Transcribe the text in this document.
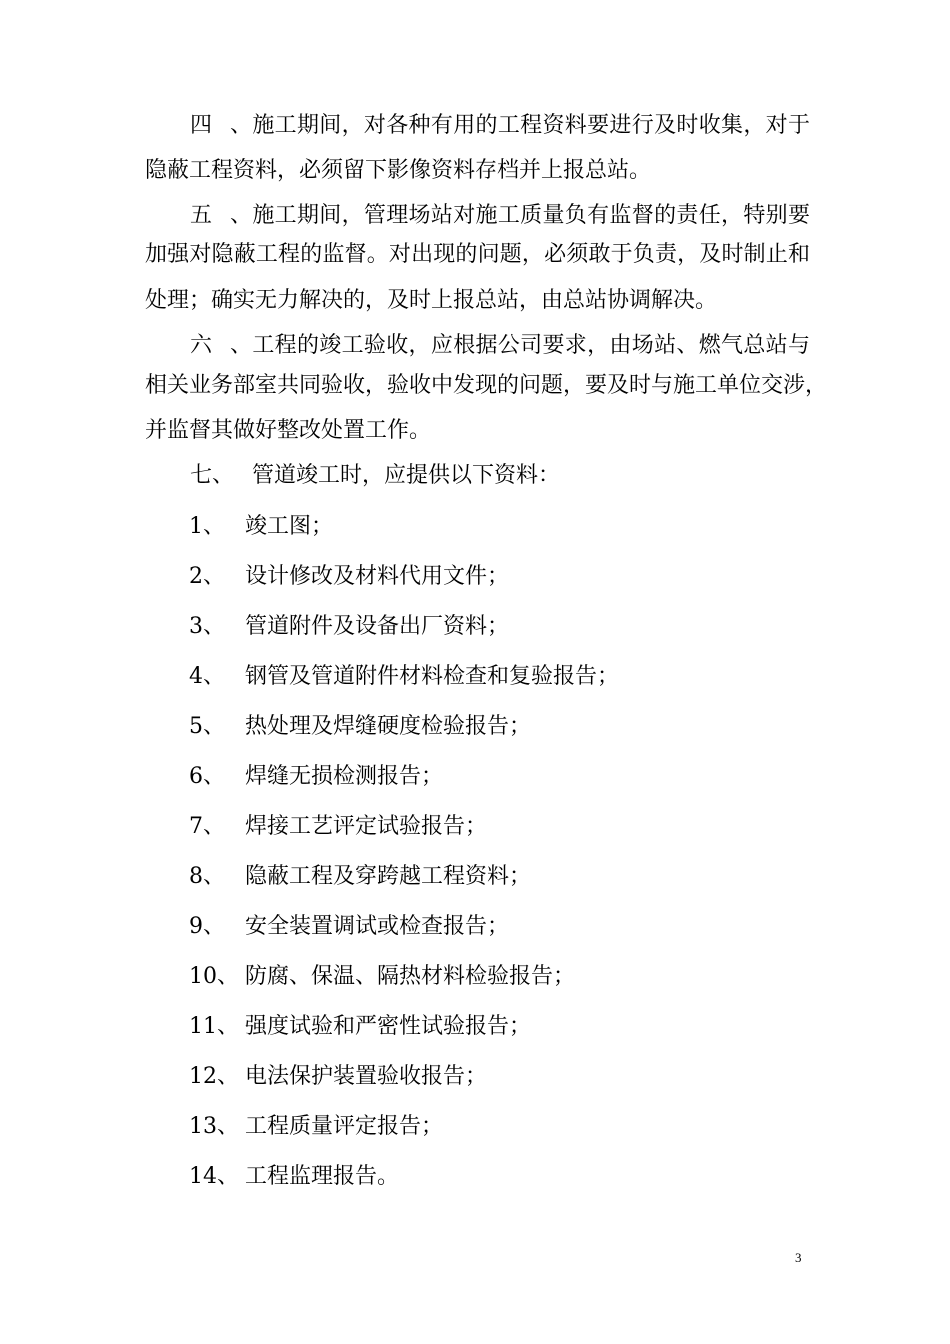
四、施工期间，对各种有用的工程资料要进行及时收集，对于
隐蔽工程资料，必须留下影像资料存档并上报总站。
五、施工期间，管理场站对施工质量负有监督的责任，特别要
加强对隐蔽工程的监督。对出现的问题，必须敢于负责，及时制止和
处理；确实无力解决的，及时上报总站，由总站协调解决。
六、工程的竣工验收，应根据公司要求，由场站、燃气总站与
相关业务部室共同验收，验收中发现的问题，要及时与施工单位交涉，
并监督其做好整改处置工作。
七、 管道竣工时，应提供以下资料：
1、 竣工图；
2、 设计修改及材料代用文件；
3、 管道附件及设备出厂资料；
4、 钢管及管道附件材料检查和复验报告；
5、 热处理及焊缝硬度检验报告；
6、 焊缝无损检测报告；
7、 焊接工艺评定试验报告；
8、 隐蔽工程及穿跨越工程资料；
9、 安全装置调试或检查报告；
10、 防腐、保温、隔热材料检验报告；
11、 强度试验和严密性试验报告；
12、 电法保护装置验收报告；
13、 工程质量评定报告；
14、 工程监理报告。
3
